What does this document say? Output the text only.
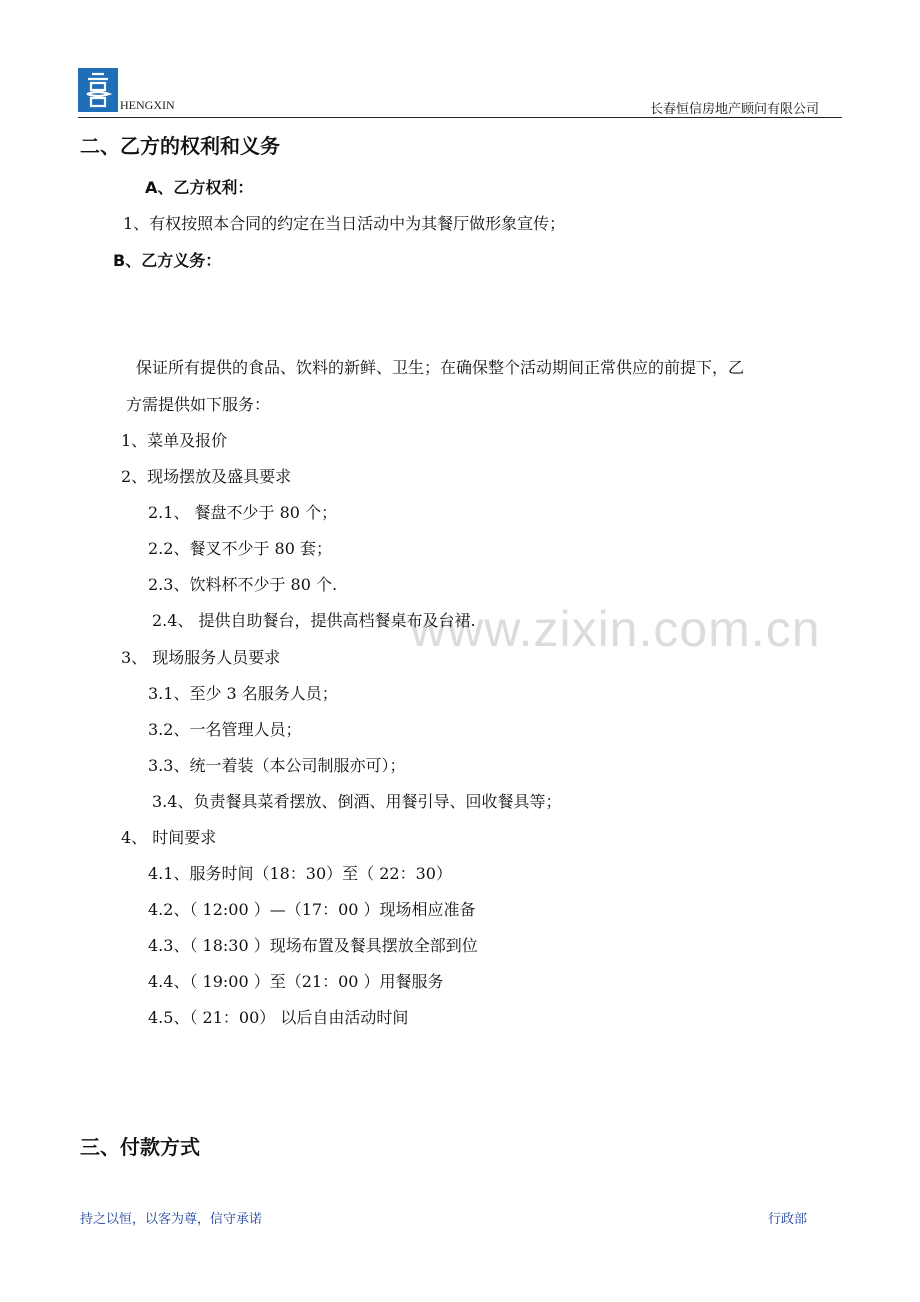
HENGXIN	长春恒信房地产顾问有限公司
www.zixin.com.cn
二、乙方的权利和义务
A、乙方权利：
1、有权按照本合同的约定在当日活动中为其餐厅做形象宣传；
B、乙方义务：
保证所有提供的食品、饮料的新鲜、卫生；在确保整个活动期间正常供应的前提下，乙
方需提供如下服务：
1、菜单及报价
2、现场摆放及盛具要求
2.1、 餐盘不少于 80 个；
2.2、餐叉不少于 80 套；
2.3、饮料杯不少于 80 个.
2.4、 提供自助餐台，提供高档餐桌布及台裙.
3、 现场服务人员要求
3.1、至少 3 名服务人员；
3.2、一名管理人员；
3.3、统一着装（本公司制服亦可）；
3.4、负责餐具菜肴摆放、倒酒、用餐引导、回收餐具等；
4、 时间要求
4.1、服务时间（18：30）至（ 22：30）
4.2、（ 12:00 ）—（17：00 ）现场相应准备
4.3、（ 18:30 ）现场布置及餐具摆放全部到位
4.4、（ 19:00 ）至（21：00 ）用餐服务
4.5、（ 21：00） 以后自由活动时间
三、付款方式
持之以恒，以客为尊，信守承诺	行政部
